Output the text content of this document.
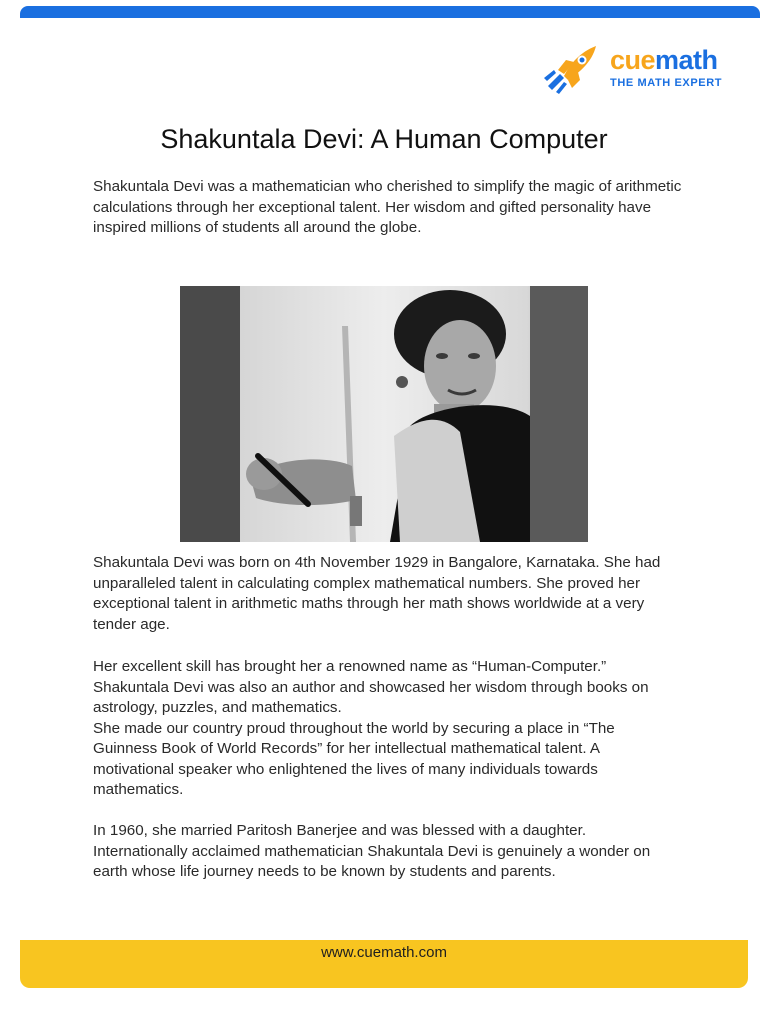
cuemath
THE MATH EXPERT
Shakuntala Devi: A Human Computer

Shakuntala Devi was a mathematician who cherished to simplify the magic of arithmetic calculations through her exceptional talent. Her wisdom and gifted personality have inspired millions of students all around the globe.

Shakuntala Devi was born on 4th November 1929 in Bangalore, Karnataka. She had unparalleled talent in calculating complex mathematical numbers. She proved her exceptional talent in arithmetic maths through her math shows worldwide at a very tender age.

Her excellent skill has brought her a renowned name as “Human-Computer.” Shakuntala Devi was also an author and showcased her wisdom through books on astrology, puzzles, and mathematics.
She made our country proud throughout the world by securing a place in “The Guinness Book of World Records” for her intellectual mathematical talent. A motivational speaker who enlightened the lives of many individuals towards mathematics.

In 1960, she married Paritosh Banerjee and was blessed with a daughter. Internationally acclaimed mathematician Shakuntala Devi is genuinely a wonder on earth whose life journey needs to be known by students and parents.

www.cuemath.com
